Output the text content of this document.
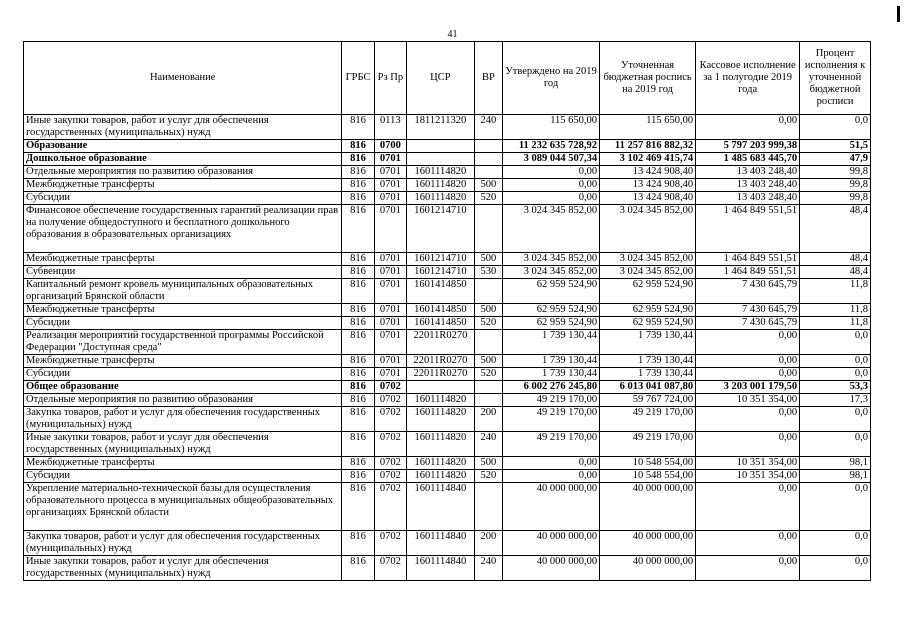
41
Наименование	ГРБС	Рз Пр	ЦСР	ВР	Утверждено на 2019 год	Уточненная бюджетная роспись на 2019 год	Кассовое исполнение за 1 полугодие 2019 года	Процент исполнения к уточненной бюджетной росписи
Иные закупки товаров, работ и услуг для обеспечения государственных (муниципальных) нужд	816	0113	1811211320	240	115 650,00	115 650,00	0,00	0,0
Образование	816	0700			11 232 635 728,92	11 257 816 882,32	5 797 203 999,38	51,5
Дошкольное образование	816	0701			3 089 044 507,34	3 102 469 415,74	1 485 683 445,70	47,9
Отдельные мероприятия по развитию образования	816	0701	1601114820		0,00	13 424 908,40	13 403 248,40	99,8
Межбюджетные трансферты	816	0701	1601114820	500	0,00	13 424 908,40	13 403 248,40	99,8
Субсидии	816	0701	1601114820	520	0,00	13 424 908,40	13 403 248,40	99,8
Финансовое обеспечение государственных гарантий реализации прав на получение общедоступного и бесплатного дошкольного образования в образовательных организациях	816	0701	1601214710		3 024 345 852,00	3 024 345 852,00	1 464 849 551,51	48,4
Межбюджетные трансферты	816	0701	1601214710	500	3 024 345 852,00	3 024 345 852,00	1 464 849 551,51	48,4
Субвенции	816	0701	1601214710	530	3 024 345 852,00	3 024 345 852,00	1 464 849 551,51	48,4
Капитальный ремонт кровель муниципальных образовательных организаций Брянской области	816	0701	1601414850		62 959 524,90	62 959 524,90	7 430 645,79	11,8
Межбюджетные трансферты	816	0701	1601414850	500	62 959 524,90	62 959 524,90	7 430 645,79	11,8
Субсидии	816	0701	1601414850	520	62 959 524,90	62 959 524,90	7 430 645,79	11,8
Реализация мероприятий государственной программы Российской Федерации "Доступная среда"	816	0701	22011R0270		1 739 130,44	1 739 130,44	0,00	0,0
Межбюджетные трансферты	816	0701	22011R0270	500	1 739 130,44	1 739 130,44	0,00	0,0
Субсидии	816	0701	22011R0270	520	1 739 130,44	1 739 130,44	0,00	0,0
Общее образование	816	0702			6 002 276 245,80	6 013 041 087,80	3 203 001 179,50	53,3
Отдельные мероприятия по развитию образования	816	0702	1601114820		49 219 170,00	59 767 724,00	10 351 354,00	17,3
Закупка товаров, работ и услуг для обеспечения государственных (муниципальных) нужд	816	0702	1601114820	200	49 219 170,00	49 219 170,00	0,00	0,0
Иные закупки товаров, работ и услуг для обеспечения государственных (муниципальных) нужд	816	0702	1601114820	240	49 219 170,00	49 219 170,00	0,00	0,0
Межбюджетные трансферты	816	0702	1601114820	500	0,00	10 548 554,00	10 351 354,00	98,1
Субсидии	816	0702	1601114820	520	0,00	10 548 554,00	10 351 354,00	98,1
Укрепление материально-технической базы для осуществления образовательного процесса в муниципальных общеобразовательных организациях Брянской области	816	0702	1601114840		40 000 000,00	40 000 000,00	0,00	0,0
Закупка товаров, работ и услуг для обеспечения государственных (муниципальных) нужд	816	0702	1601114840	200	40 000 000,00	40 000 000,00	0,00	0,0
Иные закупки товаров, работ и услуг для обеспечения государственных (муниципальных) нужд	816	0702	1601114840	240	40 000 000,00	40 000 000,00	0,00	0,0
